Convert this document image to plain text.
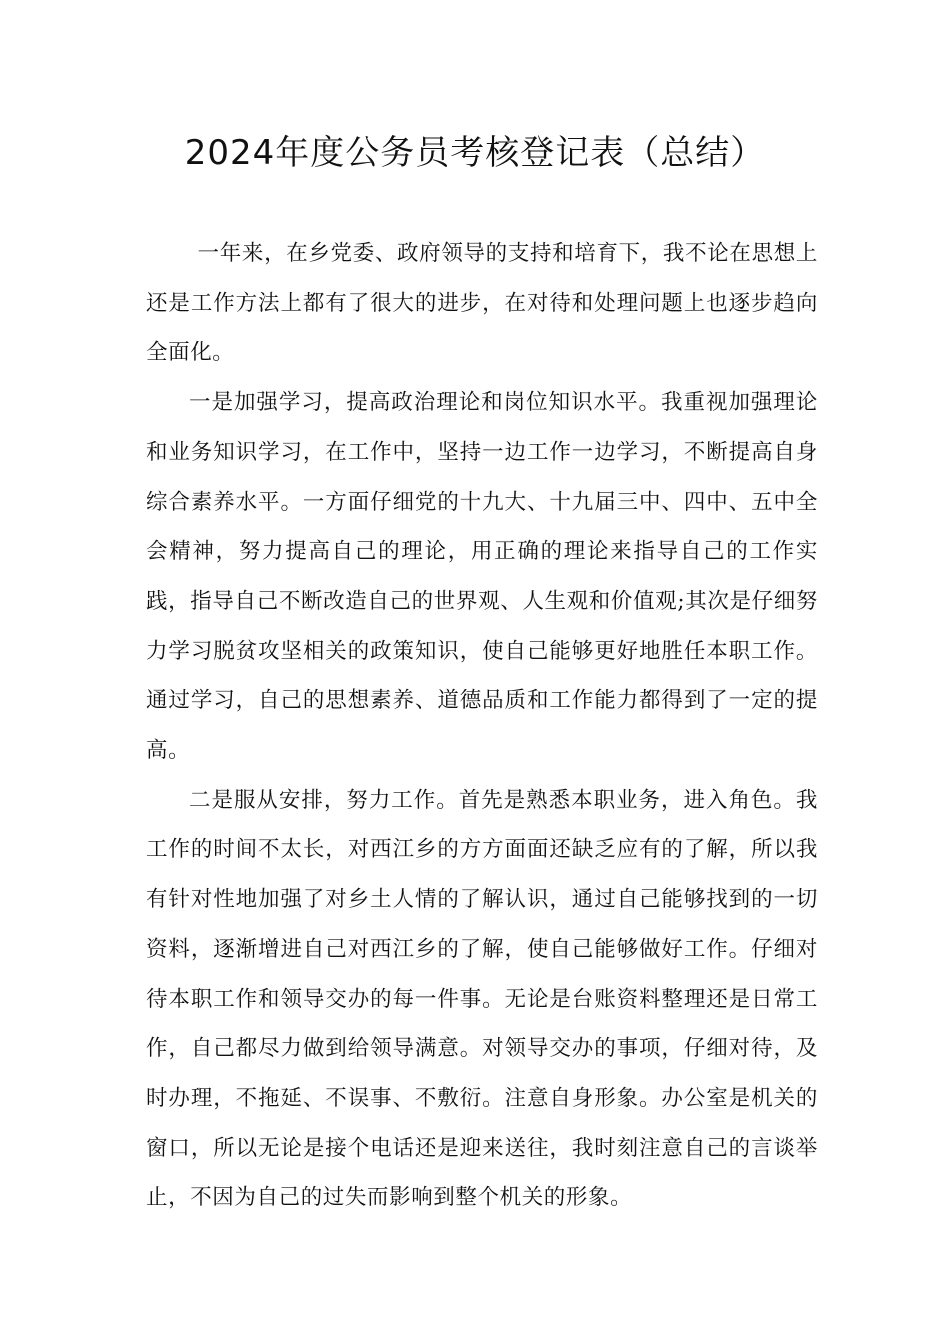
2024年度公务员考核登记表（总结）

一年来，在乡党委、政府领导的支持和培育下，我不论在思想上还是工作方法上都有了很大的进步，在对待和处理问题上也逐步趋向全面化。

一是加强学习，提高政治理论和岗位知识水平。我重视加强理论和业务知识学习，在工作中，坚持一边工作一边学习，不断提高自身综合素养水平。一方面仔细党的十九大、十九届三中、四中、五中全会精神，努力提高自己的理论，用正确的理论来指导自己的工作实践，指导自己不断改造自己的世界观、人生观和价值观;其次是仔细努力学习脱贫攻坚相关的政策知识，使自己能够更好地胜任本职工作。通过学习，自己的思想素养、道德品质和工作能力都得到了一定的提高。

二是服从安排，努力工作。首先是熟悉本职业务，进入角色。我工作的时间不太长，对西江乡的方方面面还缺乏应有的了解，所以我有针对性地加强了对乡土人情的了解认识，通过自己能够找到的一切资料，逐渐增进自己对西江乡的了解，使自己能够做好工作。仔细对待本职工作和领导交办的每一件事。无论是台账资料整理还是日常工作，自己都尽力做到给领导满意。对领导交办的事项，仔细对待，及时办理，不拖延、不误事、不敷衍。注意自身形象。办公室是机关的窗口，所以无论是接个电话还是迎来送往，我时刻注意自己的言谈举止，不因为自己的过失而影响到整个机关的形象。
